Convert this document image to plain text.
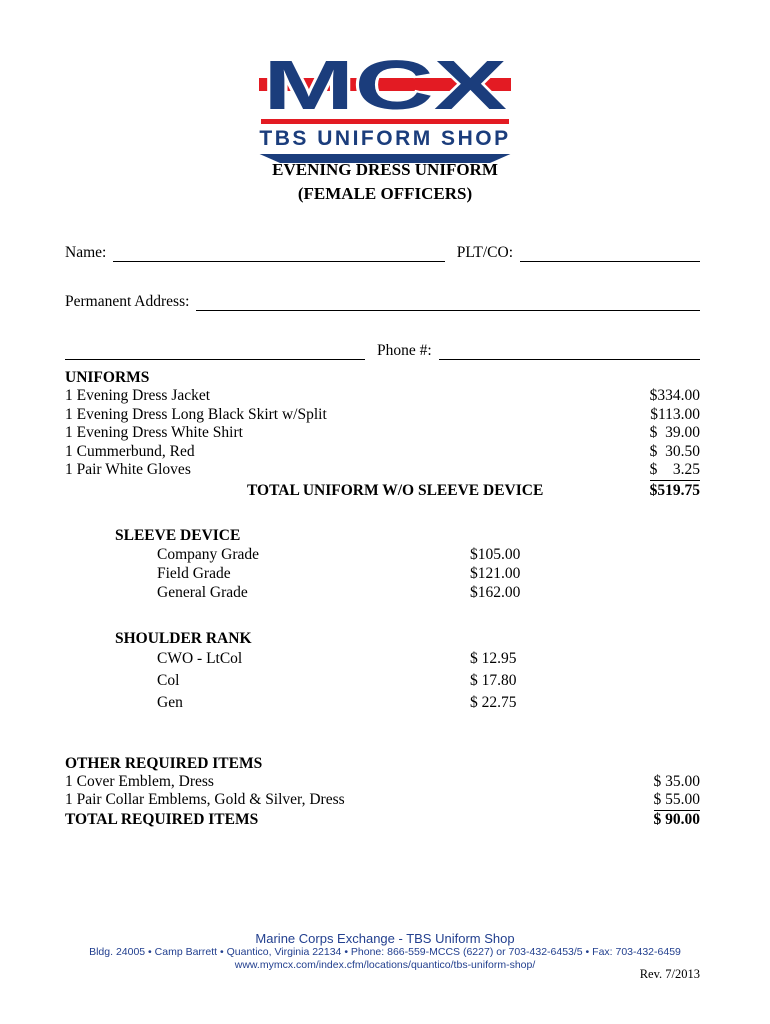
MCX
TBS UNIFORM SHOP
EVENING DRESS UNIFORM
(FEMALE OFFICERS)
Name:	PLT/CO:
Permanent Address:
Phone #:
UNIFORMS
1 Evening Dress Jacket	$334.00
1 Evening Dress Long Black Skirt w/Split	$113.00
1 Evening Dress White Shirt	$  39.00
1 Cummerbund, Red	$  30.50
1 Pair White Gloves	$    3.25
TOTAL UNIFORM W/O SLEEVE DEVICE	$519.75
SLEEVE DEVICE
Company Grade	$105.00
Field Grade	$121.00
General Grade	$162.00
SHOULDER RANK
CWO - LtCol	$ 12.95
Col	$ 17.80
Gen	$ 22.75
OTHER REQUIRED ITEMS
1 Cover Emblem, Dress	$ 35.00
1 Pair Collar Emblems, Gold & Silver, Dress	$ 55.00
TOTAL REQUIRED ITEMS	$ 90.00
Marine Corps Exchange - TBS Uniform Shop
Bldg. 24005 • Camp Barrett • Quantico, Virginia 22134 • Phone: 866-559-MCCS (6227) or 703-432-6453/5 • Fax: 703-432-6459
www.mymcx.com/index.cfm/locations/quantico/tbs-uniform-shop/
Rev. 7/2013
